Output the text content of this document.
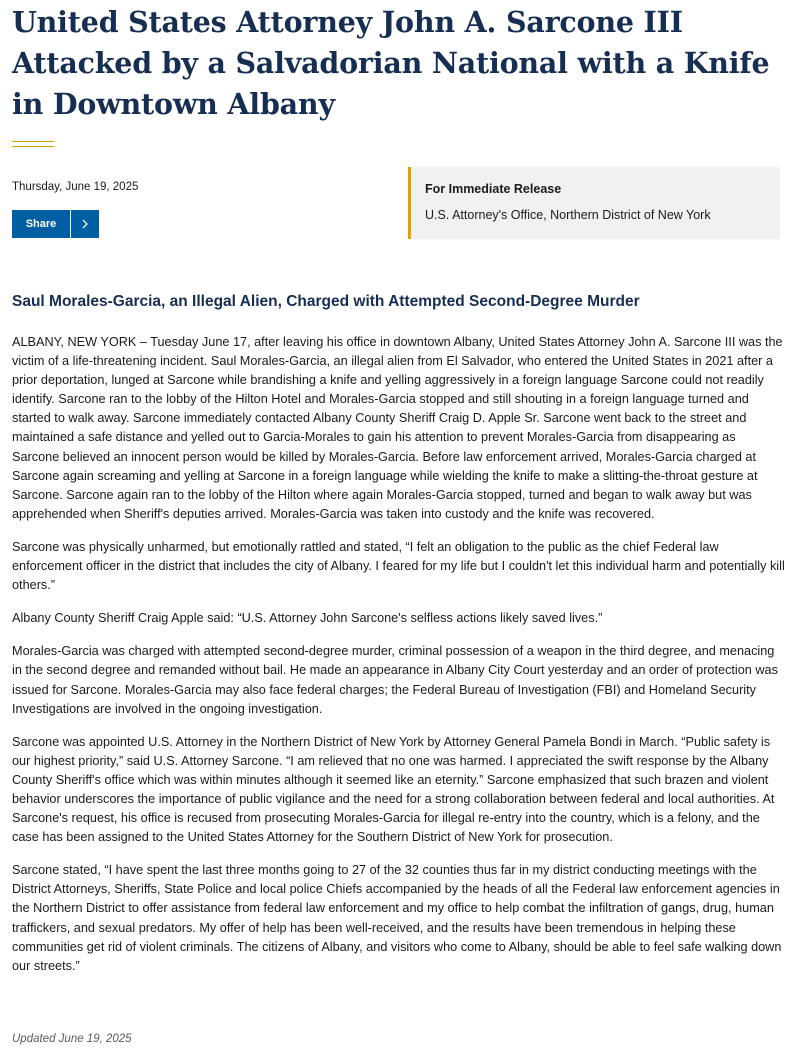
United States Attorney John A. Sarcone III Attacked by a Salvadorian National with a Knife in Downtown Albany
Thursday, June 19, 2025
Share
For Immediate Release
U.S. Attorney's Office, Northern District of New York
Saul Morales-Garcia, an Illegal Alien, Charged with Attempted Second-Degree Murder

ALBANY, NEW YORK – Tuesday June 17, after leaving his office in downtown Albany, United States Attorney John A. Sarcone III was the victim of a life-threatening incident. Saul Morales-Garcia, an illegal alien from El Salvador, who entered the United States in 2021 after a prior deportation, lunged at Sarcone while brandishing a knife and yelling aggressively in a foreign language Sarcone could not readily identify. Sarcone ran to the lobby of the Hilton Hotel and Morales-Garcia stopped and still shouting in a foreign language turned and started to walk away. Sarcone immediately contacted Albany County Sheriff Craig D. Apple Sr. Sarcone went back to the street and maintained a safe distance and yelled out to Garcia-Morales to gain his attention to prevent Morales-Garcia from disappearing as Sarcone believed an innocent person would be killed by Morales-Garcia. Before law enforcement arrived, Morales-Garcia charged at Sarcone again screaming and yelling at Sarcone in a foreign language while wielding the knife to make a slitting-the-throat gesture at Sarcone. Sarcone again ran to the lobby of the Hilton where again Morales-Garcia stopped, turned and began to walk away but was apprehended when Sheriff's deputies arrived. Morales-Garcia was taken into custody and the knife was recovered.

Sarcone was physically unharmed, but emotionally rattled and stated, “I felt an obligation to the public as the chief Federal law enforcement officer in the district that includes the city of Albany. I feared for my life but I couldn't let this individual harm and potentially kill others.”

Albany County Sheriff Craig Apple said: “U.S. Attorney John Sarcone's selfless actions likely saved lives.”

Morales-Garcia was charged with attempted second-degree murder, criminal possession of a weapon in the third degree, and menacing in the second degree and remanded without bail. He made an appearance in Albany City Court yesterday and an order of protection was issued for Sarcone. Morales-Garcia may also face federal charges; the Federal Bureau of Investigation (FBI) and Homeland Security Investigations are involved in the ongoing investigation.

Sarcone was appointed U.S. Attorney in the Northern District of New York by Attorney General Pamela Bondi in March. “Public safety is our highest priority,” said U.S. Attorney Sarcone. “I am relieved that no one was harmed. I appreciated the swift response by the Albany County Sheriff's office which was within minutes although it seemed like an eternity.” Sarcone emphasized that such brazen and violent behavior underscores the importance of public vigilance and the need for a strong collaboration between federal and local authorities. At Sarcone's request, his office is recused from prosecuting Morales-Garcia for illegal re-entry into the country, which is a felony, and the case has been assigned to the United States Attorney for the Southern District of New York for prosecution.

Sarcone stated, “I have spent the last three months going to 27 of the 32 counties thus far in my district conducting meetings with the District Attorneys, Sheriffs, State Police and local police Chiefs accompanied by the heads of all the Federal law enforcement agencies in the Northern District to offer assistance from federal law enforcement and my office to help combat the infiltration of gangs, drug, human traffickers, and sexual predators. My offer of help has been well-received, and the results have been tremendous in helping these communities get rid of violent criminals. The citizens of Albany, and visitors who come to Albany, should be able to feel safe walking down our streets.”

Updated June 19, 2025
